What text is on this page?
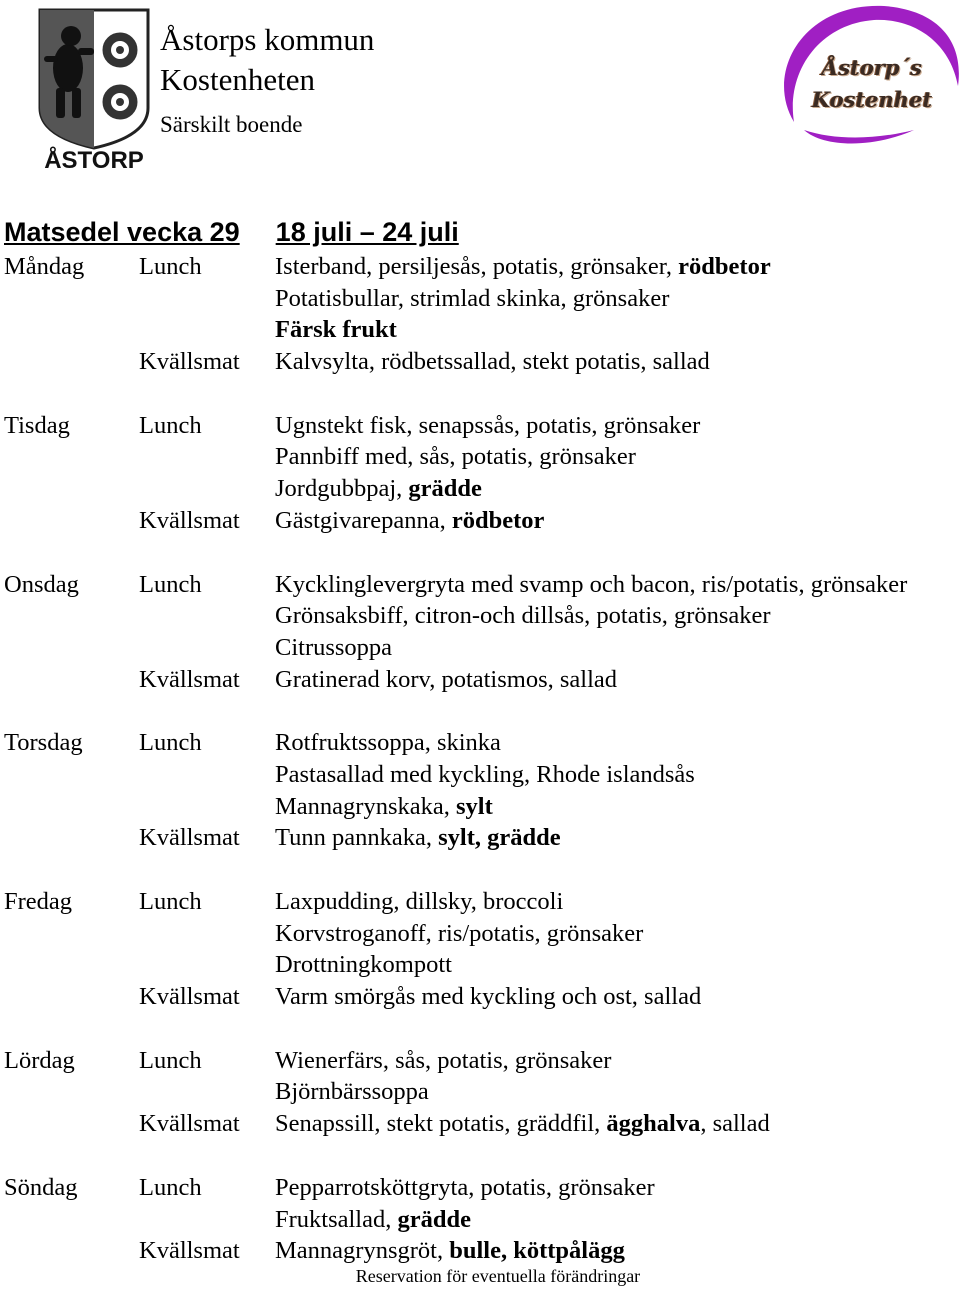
ÅSTORP
Åstorps kommun
Kostenheten
Särskilt boende
Åstorp´s
Kostenhet
Matsedel vecka 29 18 juli – 24 juli
Måndag Lunch	Isterband, persiljesås, potatis, grönsaker, rödbetor
Potatisbullar, strimlad skinka, grönsaker
Färsk frukt
Kvällsmat Kalvsylta, rödbetssallad, stekt potatis, sallad
Tisdag	Lunch	Ugnstekt fisk, senapssås, potatis, grönsaker
Pannbiff med, sås, potatis, grönsaker
Jordgubbpaj, grädde
Kvällsmat Gästgivarepanna, rödbetor
Onsdag Lunch	Kycklinglevergryta med svamp och bacon, ris/potatis, grönsaker
Grönsaksbiff, citron-och dillsås, potatis, grönsaker
Citrussoppa
Kvällsmat Gratinerad korv, potatismos, sallad
Torsdag Lunch	Rotfruktssoppa, skinka
Pastasallad med kyckling, Rhode islandsås
Mannagrynskaka, sylt
Kvällsmat Tunn pannkaka, sylt, grädde
Fredag	Lunch	Laxpudding, dillsky, broccoli
Korvstroganoff, ris/potatis, grönsaker
Drottningkompott
Kvällsmat Varm smörgås med kyckling och ost, sallad
Lördag	Lunch	Wienerfärs, sås, potatis, grönsaker
Björnbärssoppa
Kvällsmat Senapssill, stekt potatis, gräddfil, ägghalva, sallad
Söndag	Lunch	Pepparrotsköttgryta, potatis, grönsaker
Fruktsallad, grädde
Kvällsmat Mannagrynsgröt, bulle, köttpålägg
Reservation för eventuella förändringar
